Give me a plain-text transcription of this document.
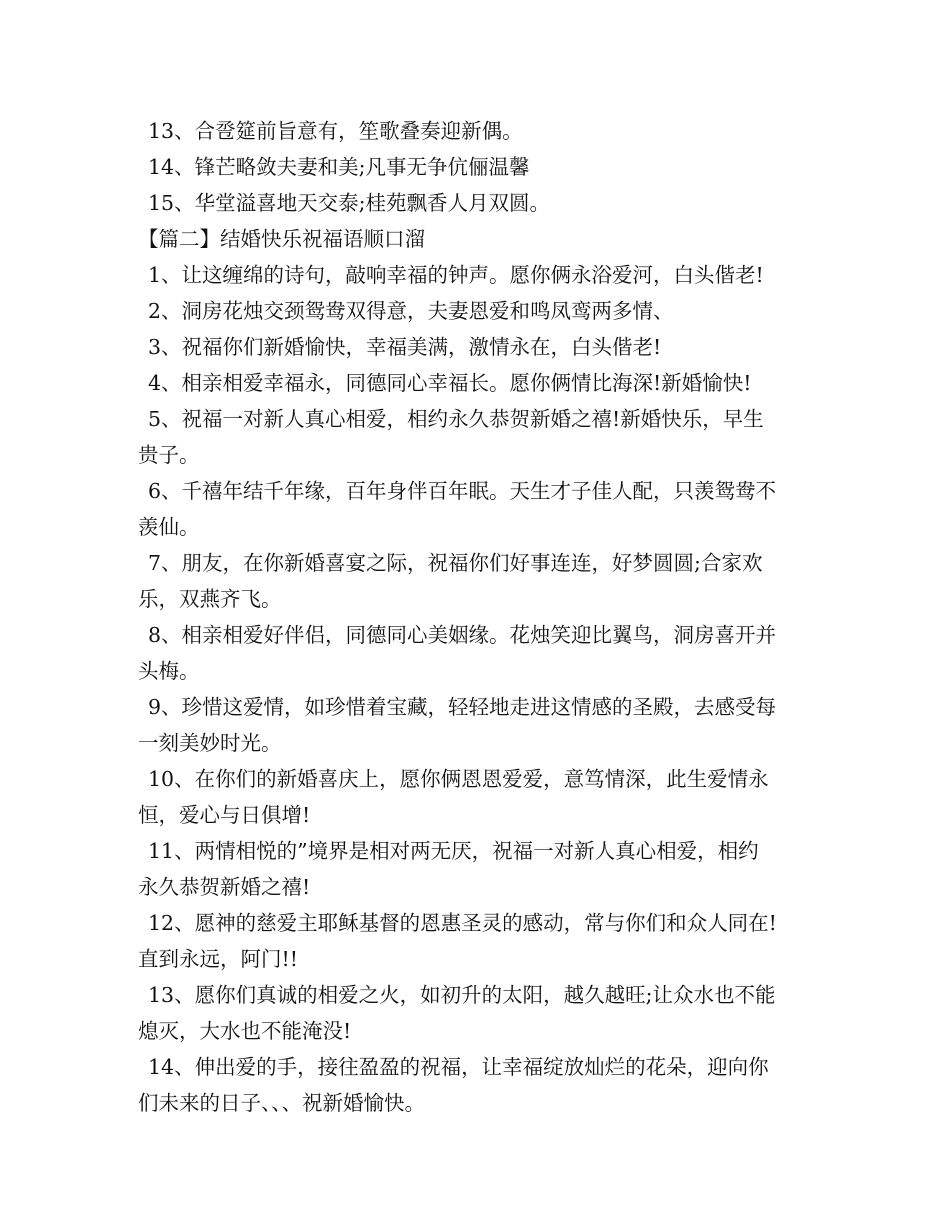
13、合卺筵前旨意有，笙歌叠奏迎新偶。
14、锋芒略敛夫妻和美;凡事无争伉俪温馨
15、华堂溢喜地天交泰;桂苑飘香人月双圆。
【篇二】结婚快乐祝福语顺口溜
1、让这缠绵的诗句，敲响幸福的钟声。愿你俩永浴爱河，白头偕老!
2、洞房花烛交颈鸳鸯双得意，夫妻恩爱和鸣凤鸾两多情、
3、祝福你们新婚愉快，幸福美满，激情永在，白头偕老!
4、相亲相爱幸福永，同德同心幸福长。愿你俩情比海深!新婚愉快!
5、祝福一对新人真心相爱，相约永久恭贺新婚之禧!新婚快乐，早生
贵子。
6、千禧年结千年缘，百年身伴百年眠。天生才子佳人配，只羡鸳鸯不
羡仙。
7、朋友，在你新婚喜宴之际，祝福你们好事连连，好梦圆圆;合家欢
乐，双燕齐飞。
8、相亲相爱好伴侣，同德同心美姻缘。花烛笑迎比翼鸟，洞房喜开并
头梅。
9、珍惜这爱情，如珍惜着宝藏，轻轻地走进这情感的圣殿，去感受每
一刻美妙时光。
10、在你们的新婚喜庆上，愿你俩恩恩爱爱，意笃情深，此生爱情永
恒，爱心与日俱增!
11、两情相悦的”境界是相对两无厌，祝福一对新人真心相爱，相约
永久恭贺新婚之禧!
12、愿神的慈爱主耶稣基督的恩惠圣灵的感动，常与你们和众人同在!
直到永远，阿门!!
13、愿你们真诚的相爱之火，如初升的太阳，越久越旺;让众水也不能
熄灭，大水也不能淹没!
14、伸出爱的手，接往盈盈的祝福，让幸福绽放灿烂的花朵，迎向你
们未来的日子、、、祝新婚愉快。
